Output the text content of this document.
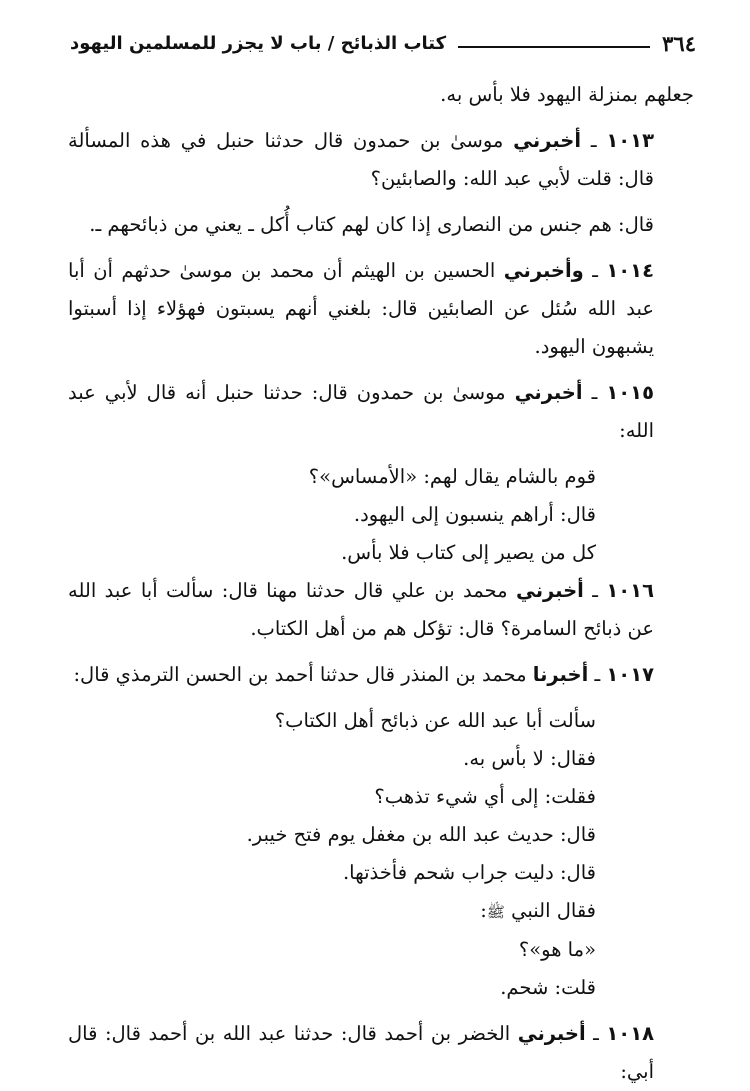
٣٦٤
كتاب الذبائح / باب لا يجزر للمسلمين اليهود

جعلهم بمنزلة اليهود فلا بأس به.

١٠١٣ ـ أخبرني موسىٰ بن حمدون قال حدثنا حنبل في هذه المسألة قال: قلت لأبي عبد الله: والصابئين؟

قال: هم جنس من النصارى إذا كان لهم كتاب أُكل ـ يعني من ذبائحهم ـ.

١٠١٤ ـ وأخبرني الحسين بن الهيثم أن محمد بن موسىٰ حدثهم أن أبا عبد الله سُئل عن الصابئين قال: بلغني أنهم يسبتون فهؤلاء إذا أسبتوا يشبهون اليهود.

١٠١٥ ـ أخبرني موسىٰ بن حمدون قال: حدثنا حنبل أنه قال لأبي عبد الله:

قوم بالشام يقال لهم: «الأمساس»؟

قال: أراهم ينسبون إلى اليهود.

كل من يصير إلى كتاب فلا بأس.

١٠١٦ ـ أخبرني محمد بن علي قال حدثنا مهنا قال: سألت أبا عبد الله عن ذبائح السامرة؟ قال: تؤكل هم من أهل الكتاب.

١٠١٧ ـ أخبرنا محمد بن المنذر قال حدثنا أحمد بن الحسن الترمذي قال:

سألت أبا عبد الله عن ذبائح أهل الكتاب؟

فقال: لا بأس به.

فقلت: إلى أي شيء تذهب؟

قال: حديث عبد الله بن مغفل يوم فتح خيبر.

قال: دليت جراب شحم فأخذتها.

فقال النبي ﷺ:

«ما هو»؟

قلت: شحم.

١٠١٨ ـ أخبرني الخضر بن أحمد قال: حدثنا عبد الله بن أحمد قال: قال أبي:
